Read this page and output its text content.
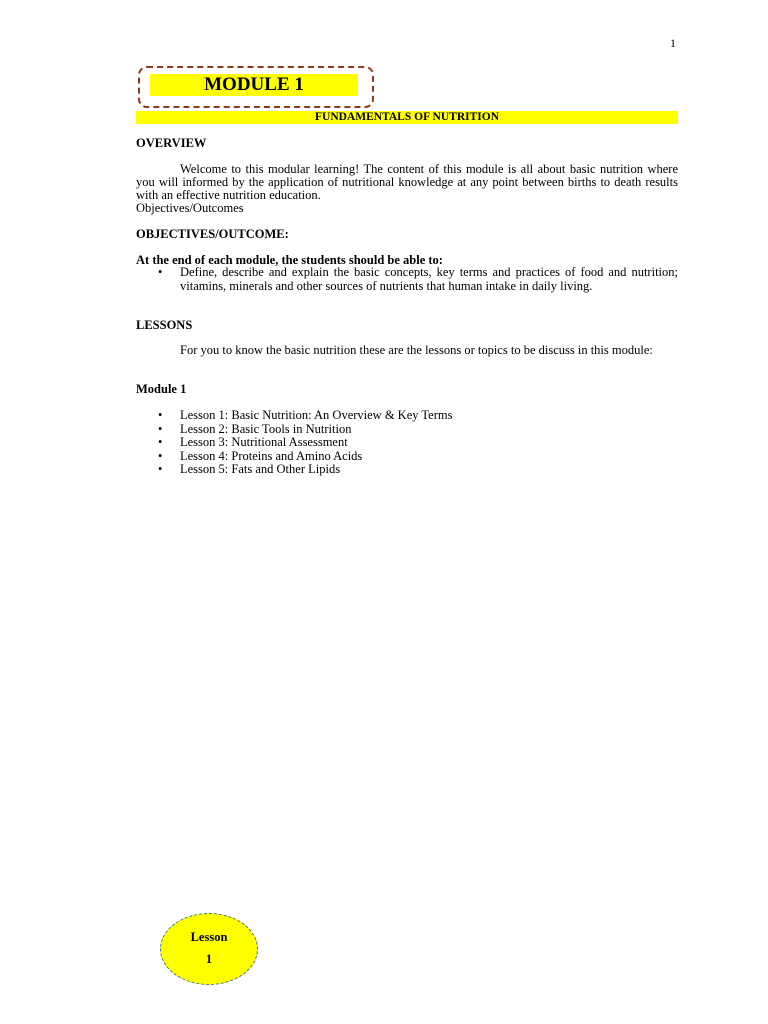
1
MODULE 1
FUNDAMENTALS OF NUTRITION
OVERVIEW
Welcome to this modular learning! The content of this module is all about basic nutrition where you will informed by the application of nutritional knowledge at any point between births to death results with an effective nutrition education.
Objectives/Outcomes
OBJECTIVES/OUTCOME:
At the end of each module, the students should be able to:
• Define, describe and explain the basic concepts, key terms and practices of food and nutrition; vitamins, minerals and other sources of nutrients that human intake in daily living.
LESSONS
For you to know the basic nutrition these are the lessons or topics to be discuss in this module:
Module 1
• Lesson 1: Basic Nutrition: An Overview & Key Terms
• Lesson 2: Basic Tools in Nutrition
• Lesson 3: Nutritional Assessment
• Lesson 4: Proteins and Amino Acids
• Lesson 5: Fats and Other Lipids
Lesson
1
